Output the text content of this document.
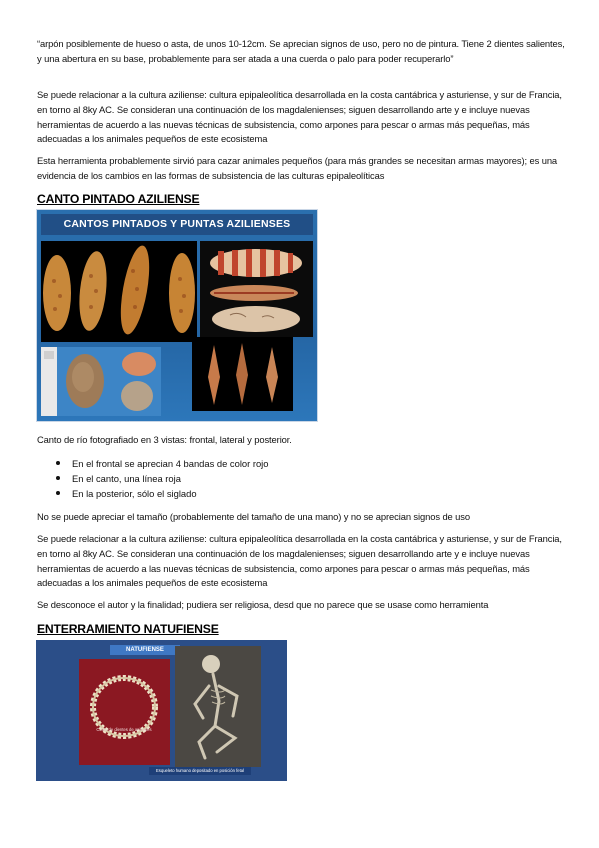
“arpón posiblemente de hueso o asta, de unos 10-12cm. Se aprecian signos de uso, pero no de pintura. Tiene 2 dientes salientes, y una abertura en su base, probablemente para ser atada a una cuerda o palo para poder recuperarlo”

Se puede relacionar a la cultura aziliense: cultura epipaleolítica desarrollada en la costa cantábrica y asturiense, y sur de Francia, en torno al 8ky AC. Se consideran una continuación de los magdalenienses; siguen desarrollando arte y e incluye nuevas herramientas de acuerdo a las nuevas técnicas de subsistencia, como arpones para pescar o armas más pequeñas, más adecuadas a los animales pequeños de este ecosistema

Esta herramienta probablemente sirvió para cazar animales pequeños (para más grandes se necesitan armas mayores); es una evidencia de los cambios en las formas de subsistencia de las culturas epipaleolíticas

CANTO PINTADO AZILIENSE
CANTOS PINTADOS Y PUNTAS AZILIENSES

Canto de río fotografiado en 3 vistas: frontal, lateral y posterior.

En el frontal se aprecian 4 bandas de color rojo
En el canto, una línea roja
En la posterior, sólo el siglado

No se puede apreciar el tamaño (probablemente del tamaño de una mano) y no se aprecian signos de uso

Se puede relacionar a la cultura aziliense: cultura epipaleolítica desarrollada en la costa cantábrica y asturiense, y sur de Francia, en torno al 8ky AC. Se consideran una continuación de los magdalenienses; siguen desarrollando arte y e incluye nuevas herramientas de acuerdo a las nuevas técnicas de subsistencia, como arpones para pescar o armas más pequeñas, más adecuadas a los animales pequeños de este ecosistema

Se desconoce el autor y la finalidad; pudiera ser religiosa, desd que no parece que se usase como herramienta

ENTERRAMIENTO NATUFIENSE
NATUFIENSE
Collar de dientes de animales
Esqueleto humano depositado en posición fetal
